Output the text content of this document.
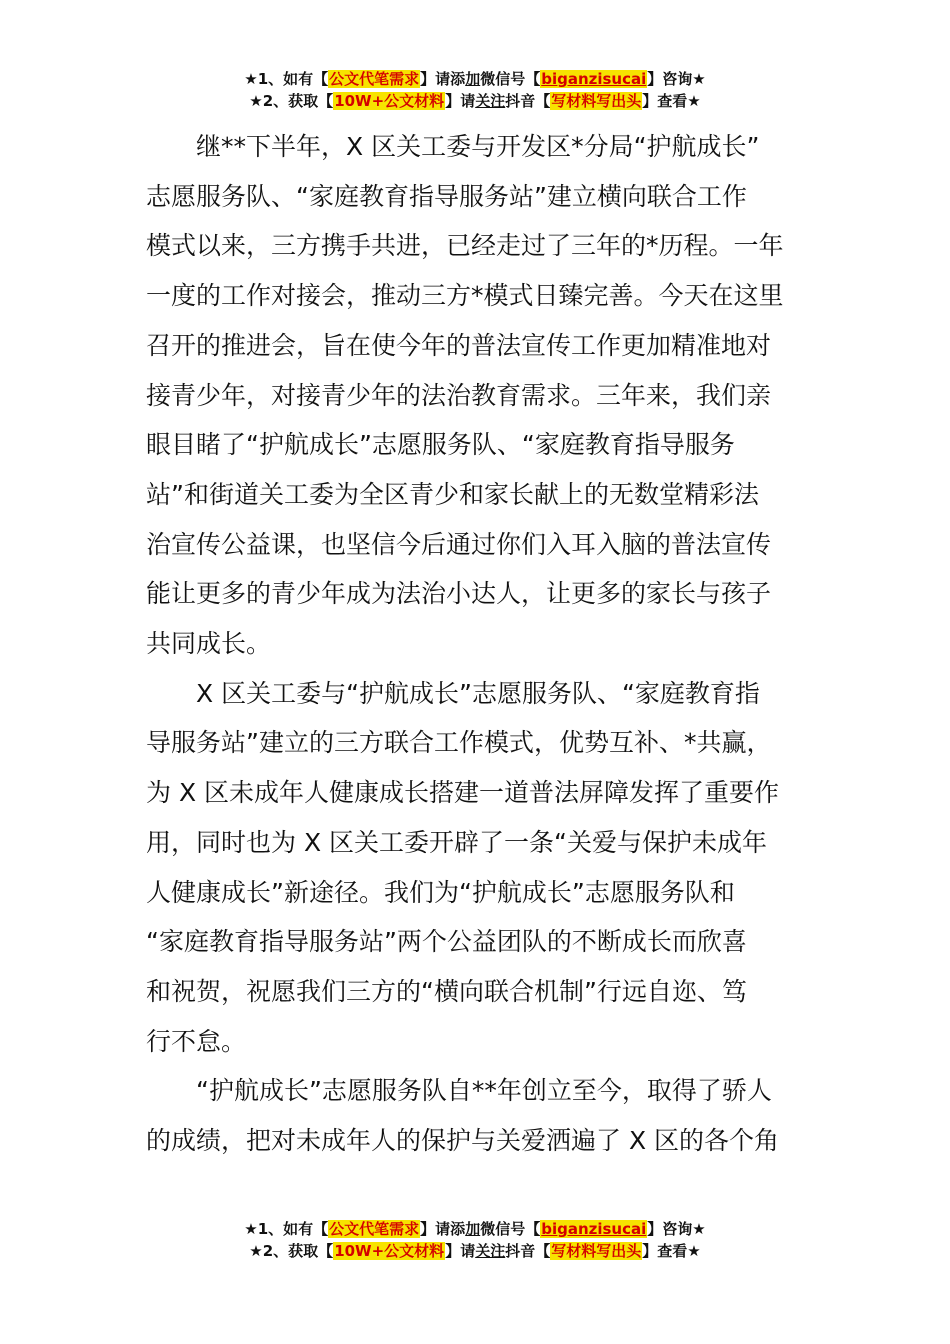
★1、如有【公文代笔需求】请添加微信号【biganzisucai】咨询★
★2、获取【10W+公文材料】请关注抖音【写材料写出头】查看★
继**下半年，X 区关工委与开发区*分局“护航成长”
志愿服务队、“家庭教育指导服务站”建立横向联合工作
模式以来，三方携手共进，已经走过了三年的*历程。一年
一度的工作对接会，推动三方*模式日臻完善。今天在这里
召开的推进会，旨在使今年的普法宣传工作更加精准地对
接青少年，对接青少年的法治教育需求。三年来，我们亲
眼目睹了“护航成长”志愿服务队、“家庭教育指导服务
站”和街道关工委为全区青少和家长献上的无数堂精彩法
治宣传公益课，也坚信今后通过你们入耳入脑的普法宣传
能让更多的青少年成为法治小达人，让更多的家长与孩子
共同成长。
X 区关工委与“护航成长”志愿服务队、“家庭教育指
导服务站”建立的三方联合工作模式，优势互补、*共赢，
为 X 区未成年人健康成长搭建一道普法屏障发挥了重要作
用，同时也为 X 区关工委开辟了一条“关爱与保护未成年
人健康成长”新途径。我们为“护航成长”志愿服务队和
“家庭教育指导服务站”两个公益团队的不断成长而欣喜
和祝贺，祝愿我们三方的“横向联合机制”行远自迩、笃
行不怠。
“护航成长”志愿服务队自**年创立至今，取得了骄人
的成绩，把对未成年人的保护与关爱洒遍了 X 区的各个角
★1、如有【公文代笔需求】请添加微信号【biganzisucai】咨询★
★2、获取【10W+公文材料】请关注抖音【写材料写出头】查看★
